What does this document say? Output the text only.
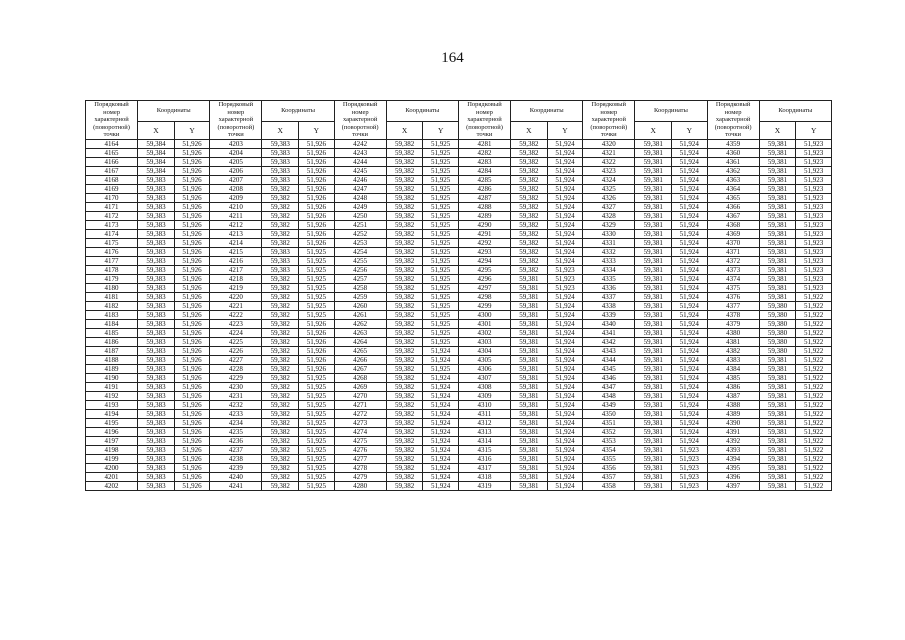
164
Порядковый номер характерной (поворотной) точки	Координаты		Порядковый номер характерной (поворотной) точки	Координаты		Порядковый номер характерной (поворотной) точки	Координаты		Порядковый номер характерной (поворотной) точки	Координаты		Порядковый номер характерной (поворотной) точки	Координаты		Порядковый номер характерной (поворотной) точки	Координаты	
	X	Y		X	Y		X	Y		X	Y		X	Y		X	Y
4164	59,384	51,926	4203	59,383	51,926	4242	59,382	51,925	4281	59,382	51,924	4320	59,381	51,924	4359	59,381	51,923
4165	59,384	51,926	4204	59,383	51,926	4243	59,382	51,925	4282	59,382	51,924	4321	59,381	51,924	4360	59,381	51,923
4166	59,384	51,926	4205	59,383	51,926	4244	59,382	51,925	4283	59,382	51,924	4322	59,381	51,924	4361	59,381	51,923
4167	59,384	51,926	4206	59,383	51,926	4245	59,382	51,925	4284	59,382	51,924	4323	59,381	51,924	4362	59,381	51,923
4168	59,383	51,926	4207	59,383	51,926	4246	59,382	51,925	4285	59,382	51,924	4324	59,381	51,924	4363	59,381	51,923
4169	59,383	51,926	4208	59,382	51,926	4247	59,382	51,925	4286	59,382	51,924	4325	59,381	51,924	4364	59,381	51,923
4170	59,383	51,926	4209	59,382	51,926	4248	59,382	51,925	4287	59,382	51,924	4326	59,381	51,924	4365	59,381	51,923
4171	59,383	51,926	4210	59,382	51,926	4249	59,382	51,925	4288	59,382	51,924	4327	59,381	51,924	4366	59,381	51,923
4172	59,383	51,926	4211	59,382	51,926	4250	59,382	51,925	4289	59,382	51,924	4328	59,381	51,924	4367	59,381	51,923
4173	59,383	51,926	4212	59,382	51,926	4251	59,382	51,925	4290	59,382	51,924	4329	59,381	51,924	4368	59,381	51,923
4174	59,383	51,926	4213	59,382	51,926	4252	59,382	51,925	4291	59,382	51,924	4330	59,381	51,924	4369	59,381	51,923
4175	59,383	51,926	4214	59,382	51,926	4253	59,382	51,925	4292	59,382	51,924	4331	59,381	51,924	4370	59,381	51,923
4176	59,383	51,926	4215	59,383	51,925	4254	59,382	51,925	4293	59,382	51,924	4332	59,381	51,924	4371	59,381	51,923
4177	59,383	51,926	4216	59,383	51,925	4255	59,382	51,925	4294	59,382	51,924	4333	59,381	51,924	4372	59,381	51,923
4178	59,383	51,926	4217	59,383	51,925	4256	59,382	51,925	4295	59,382	51,923	4334	59,381	51,924	4373	59,381	51,923
4179	59,383	51,926	4218	59,382	51,925	4257	59,382	51,925	4296	59,381	51,923	4335	59,381	51,924	4374	59,381	51,923
4180	59,383	51,926	4219	59,382	51,925	4258	59,382	51,925	4297	59,381	51,923	4336	59,381	51,924	4375	59,381	51,923
4181	59,383	51,926	4220	59,382	51,925	4259	59,382	51,925	4298	59,381	51,924	4337	59,381	51,924	4376	59,381	51,922
4182	59,383	51,926	4221	59,382	51,925	4260	59,382	51,925	4299	59,381	51,924	4338	59,381	51,924	4377	59,380	51,922
4183	59,383	51,926	4222	59,382	51,925	4261	59,382	51,925	4300	59,381	51,924	4339	59,381	51,924	4378	59,380	51,922
4184	59,383	51,926	4223	59,382	51,926	4262	59,382	51,925	4301	59,381	51,924	4340	59,381	51,924	4379	59,380	51,922
4185	59,383	51,926	4224	59,382	51,926	4263	59,382	51,925	4302	59,381	51,924	4341	59,381	51,924	4380	59,380	51,922
4186	59,383	51,926	4225	59,382	51,926	4264	59,382	51,925	4303	59,381	51,924	4342	59,381	51,924	4381	59,380	51,922
4187	59,383	51,926	4226	59,382	51,926	4265	59,382	51,924	4304	59,381	51,924	4343	59,381	51,924	4382	59,380	51,922
4188	59,383	51,926	4227	59,382	51,926	4266	59,382	51,924	4305	59,381	51,924	4344	59,381	51,924	4383	59,381	51,922
4189	59,383	51,926	4228	59,382	51,926	4267	59,382	51,925	4306	59,381	51,924	4345	59,381	51,924	4384	59,381	51,922
4190	59,383	51,926	4229	59,382	51,925	4268	59,382	51,924	4307	59,381	51,924	4346	59,381	51,924	4385	59,381	51,922
4191	59,383	51,926	4230	59,382	51,925	4269	59,382	51,924	4308	59,381	51,924	4347	59,381	51,924	4386	59,381	51,922
4192	59,383	51,926	4231	59,382	51,925	4270	59,382	51,924	4309	59,381	51,924	4348	59,381	51,924	4387	59,381	51,922
4193	59,383	51,926	4232	59,382	51,925	4271	59,382	51,924	4310	59,381	51,924	4349	59,381	51,924	4388	59,381	51,922
4194	59,383	51,926	4233	59,382	51,925	4272	59,382	51,924	4311	59,381	51,924	4350	59,381	51,924	4389	59,381	51,922
4195	59,383	51,926	4234	59,382	51,925	4273	59,382	51,924	4312	59,381	51,924	4351	59,381	51,924	4390	59,381	51,922
4196	59,383	51,926	4235	59,382	51,925	4274	59,382	51,924	4313	59,381	51,924	4352	59,381	51,924	4391	59,381	51,922
4197	59,383	51,926	4236	59,382	51,925	4275	59,382	51,924	4314	59,381	51,924	4353	59,381	51,924	4392	59,381	51,922
4198	59,383	51,926	4237	59,382	51,925	4276	59,382	51,924	4315	59,381	51,924	4354	59,381	51,923	4393	59,381	51,922
4199	59,383	51,926	4238	59,382	51,925	4277	59,382	51,924	4316	59,381	51,924	4355	59,381	51,923	4394	59,381	51,922
4200	59,383	51,926	4239	59,382	51,925	4278	59,382	51,924	4317	59,381	51,924	4356	59,381	51,923	4395	59,381	51,922
4201	59,383	51,926	4240	59,382	51,925	4279	59,382	51,924	4318	59,381	51,924	4357	59,381	51,923	4396	59,381	51,922
4202	59,383	51,926	4241	59,382	51,925	4280	59,382	51,924	4319	59,381	51,924	4358	59,381	51,923	4397	59,381	51,922
